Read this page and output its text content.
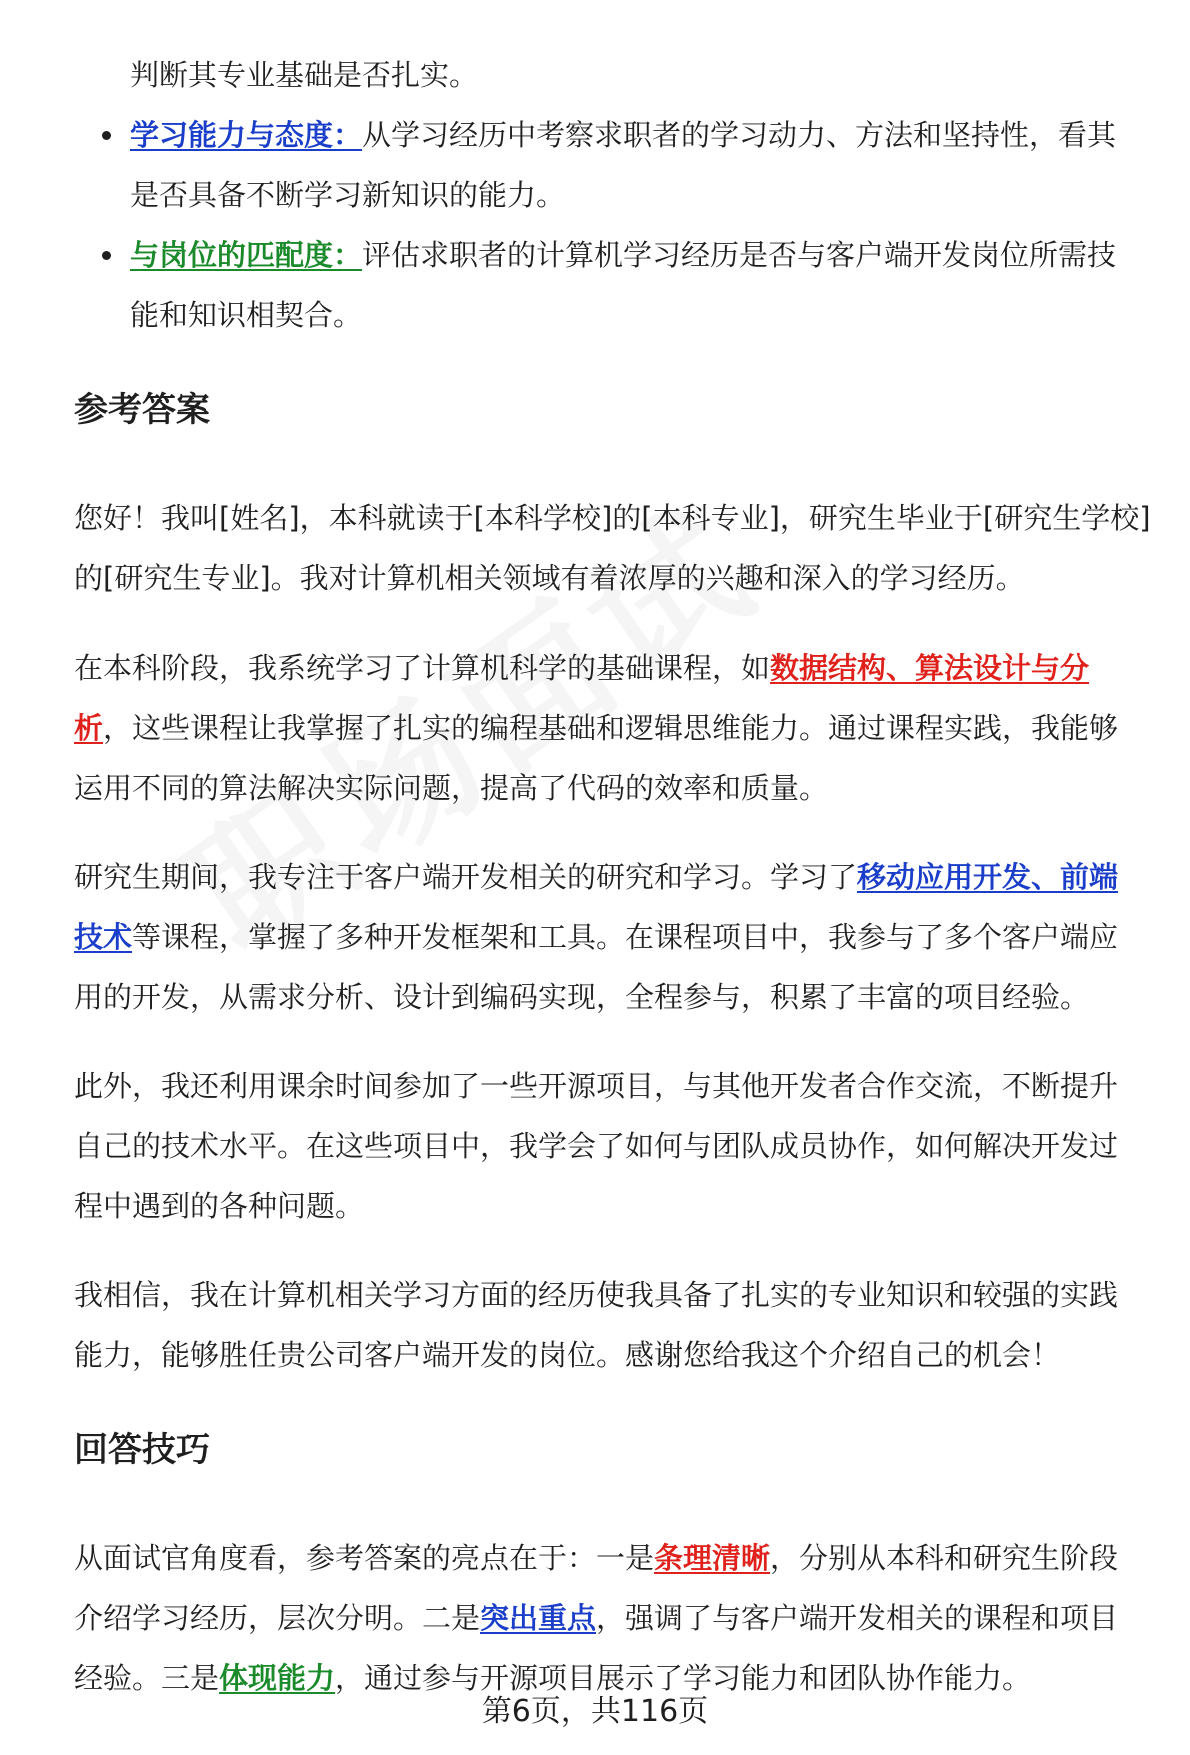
判断其专业基础是否扎实。
学习能力与态度：从学习经历中考察求职者的学习动力、方法和坚持性，看其
是否具备不断学习新知识的能力。
与岗位的匹配度：评估求职者的计算机学习经历是否与客户端开发岗位所需技
能和知识相契合。
参考答案
您好！我叫[姓名]，本科就读于[本科学校]的[本科专业]，研究生毕业于[研究生学校]
的[研究生专业]。我对计算机相关领域有着浓厚的兴趣和深入的学习经历。
在本科阶段，我系统学习了计算机科学的基础课程，如数据结构、算法设计与分
析，这些课程让我掌握了扎实的编程基础和逻辑思维能力。通过课程实践，我能够
运用不同的算法解决实际问题，提高了代码的效率和质量。
研究生期间，我专注于客户端开发相关的研究和学习。学习了移动应用开发、前端
技术等课程，掌握了多种开发框架和工具。在课程项目中，我参与了多个客户端应
用的开发，从需求分析、设计到编码实现，全程参与，积累了丰富的项目经验。
此外，我还利用课余时间参加了一些开源项目，与其他开发者合作交流，不断提升
自己的技术水平。在这些项目中，我学会了如何与团队成员协作，如何解决开发过
程中遇到的各种问题。
我相信，我在计算机相关学习方面的经历使我具备了扎实的专业知识和较强的实践
能力，能够胜任贵公司客户端开发的岗位。感谢您给我这个介绍自己的机会！
回答技巧
从面试官角度看，参考答案的亮点在于：一是条理清晰，分别从本科和研究生阶段
介绍学习经历，层次分明。二是突出重点，强调了与客户端开发相关的课程和项目
经验。三是体现能力，通过参与开源项目展示了学习能力和团队协作能力。
第6页，共116页
